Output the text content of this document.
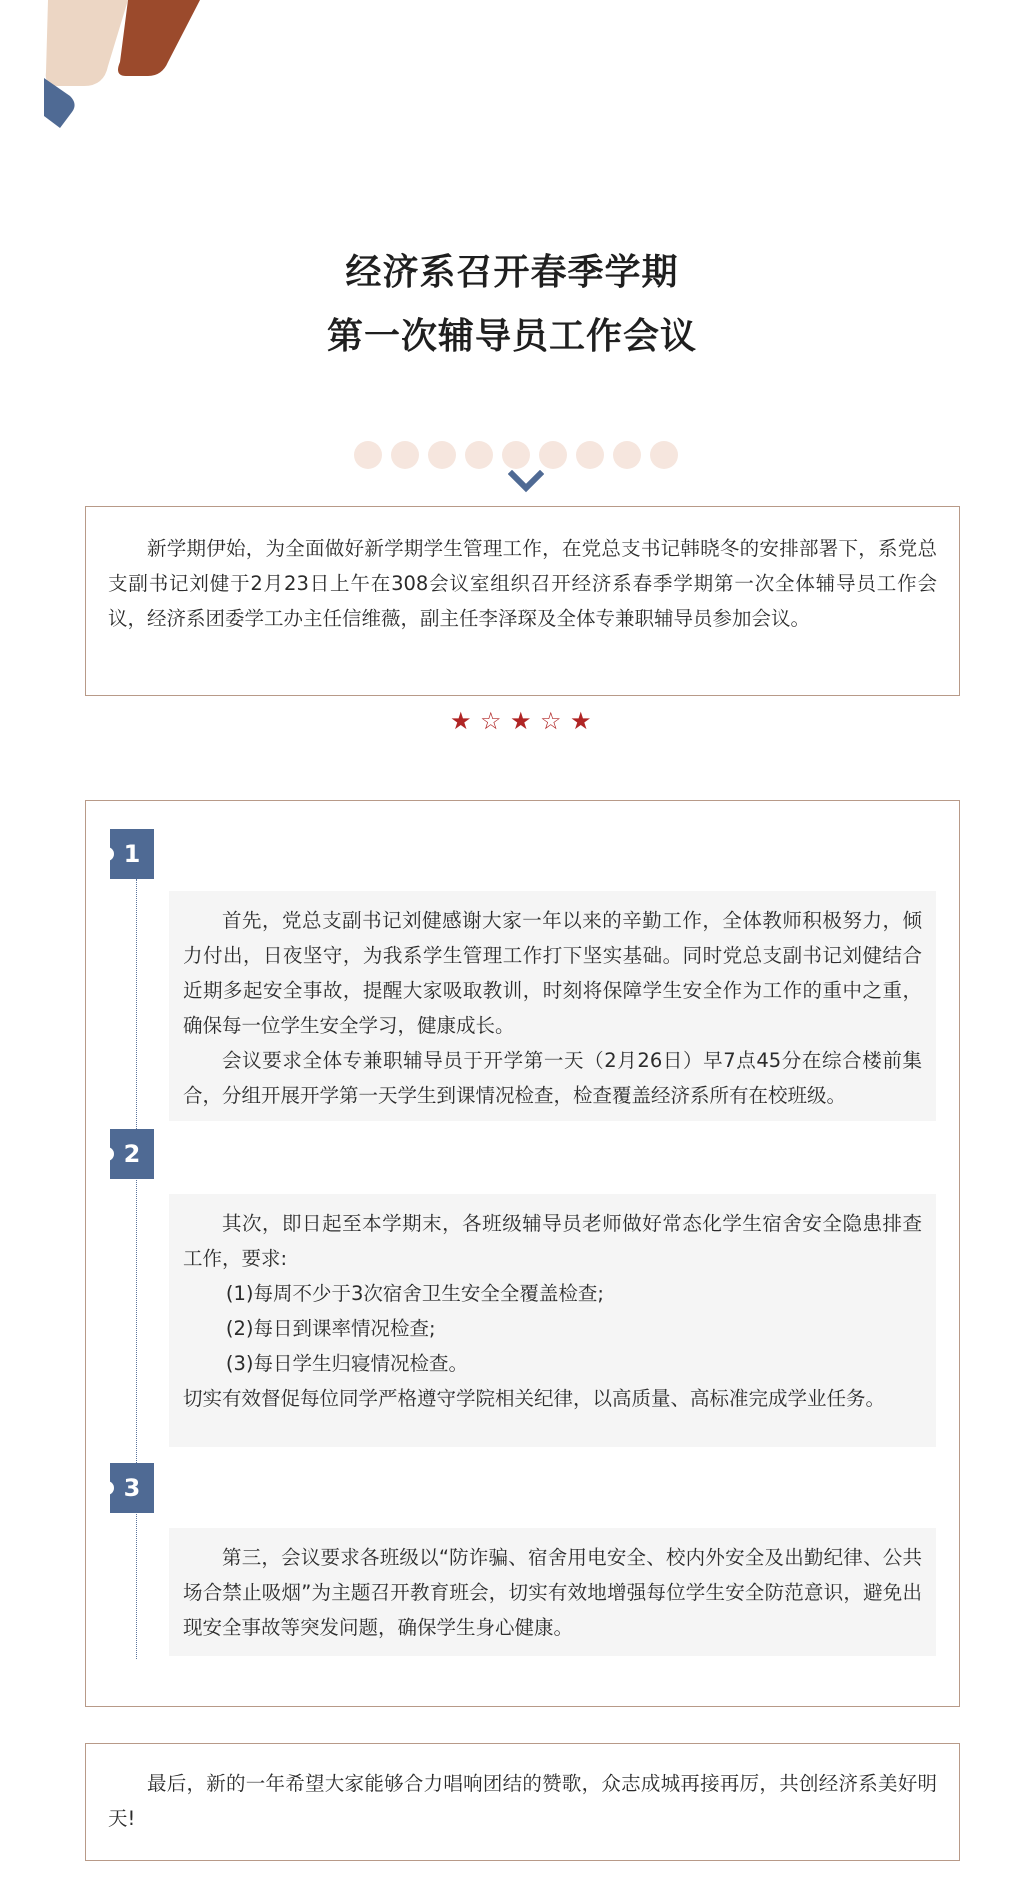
经济系召开春季学期
第一次辅导员工作会议

新学期伊始，为全面做好新学期学生管理工作，在党总支书记韩晓冬的安排部署下，系党总支副书记刘健于2月23日上午在308会议室组织召开经济系春季学期第一次全体辅导员工作会议，经济系团委学工办主任信维薇，副主任李泽琛及全体专兼职辅导员参加会议。

★ ☆ ★ ☆ ★
1

首先，党总支副书记刘健感谢大家一年以来的辛勤工作，全体教师积极努力，倾力付出，日夜坚守，为我系学生管理工作打下坚实基础。同时党总支副书记刘健结合近期多起安全事故，提醒大家吸取教训，时刻将保障学生安全作为工作的重中之重，确保每一位学生安全学习，健康成长。

会议要求全体专兼职辅导员于开学第一天（2月26日）早7点45分在综合楼前集合，分组开展开学第一天学生到课情况检查，检查覆盖经济系所有在校班级。

2

其次，即日起至本学期末，各班级辅导员老师做好常态化学生宿舍安全隐患排查工作，要求:

(1)每周不少于3次宿舍卫生安全全覆盖检查;

(2)每日到课率情况检查;

(3)每日学生归寝情况检查。

切实有效督促每位同学严格遵守学院相关纪律，以高质量、高标准完成学业任务。

3

第三，会议要求各班级以“防诈骗、宿舍用电安全、校内外安全及出勤纪律、公共场合禁止吸烟”为主题召开教育班会，切实有效地增强每位学生安全防范意识，避免出现安全事故等突发问题，确保学生身心健康。

最后，新的一年希望大家能够合力唱响团结的赞歌，众志成城再接再厉，共创经济系美好明天!
